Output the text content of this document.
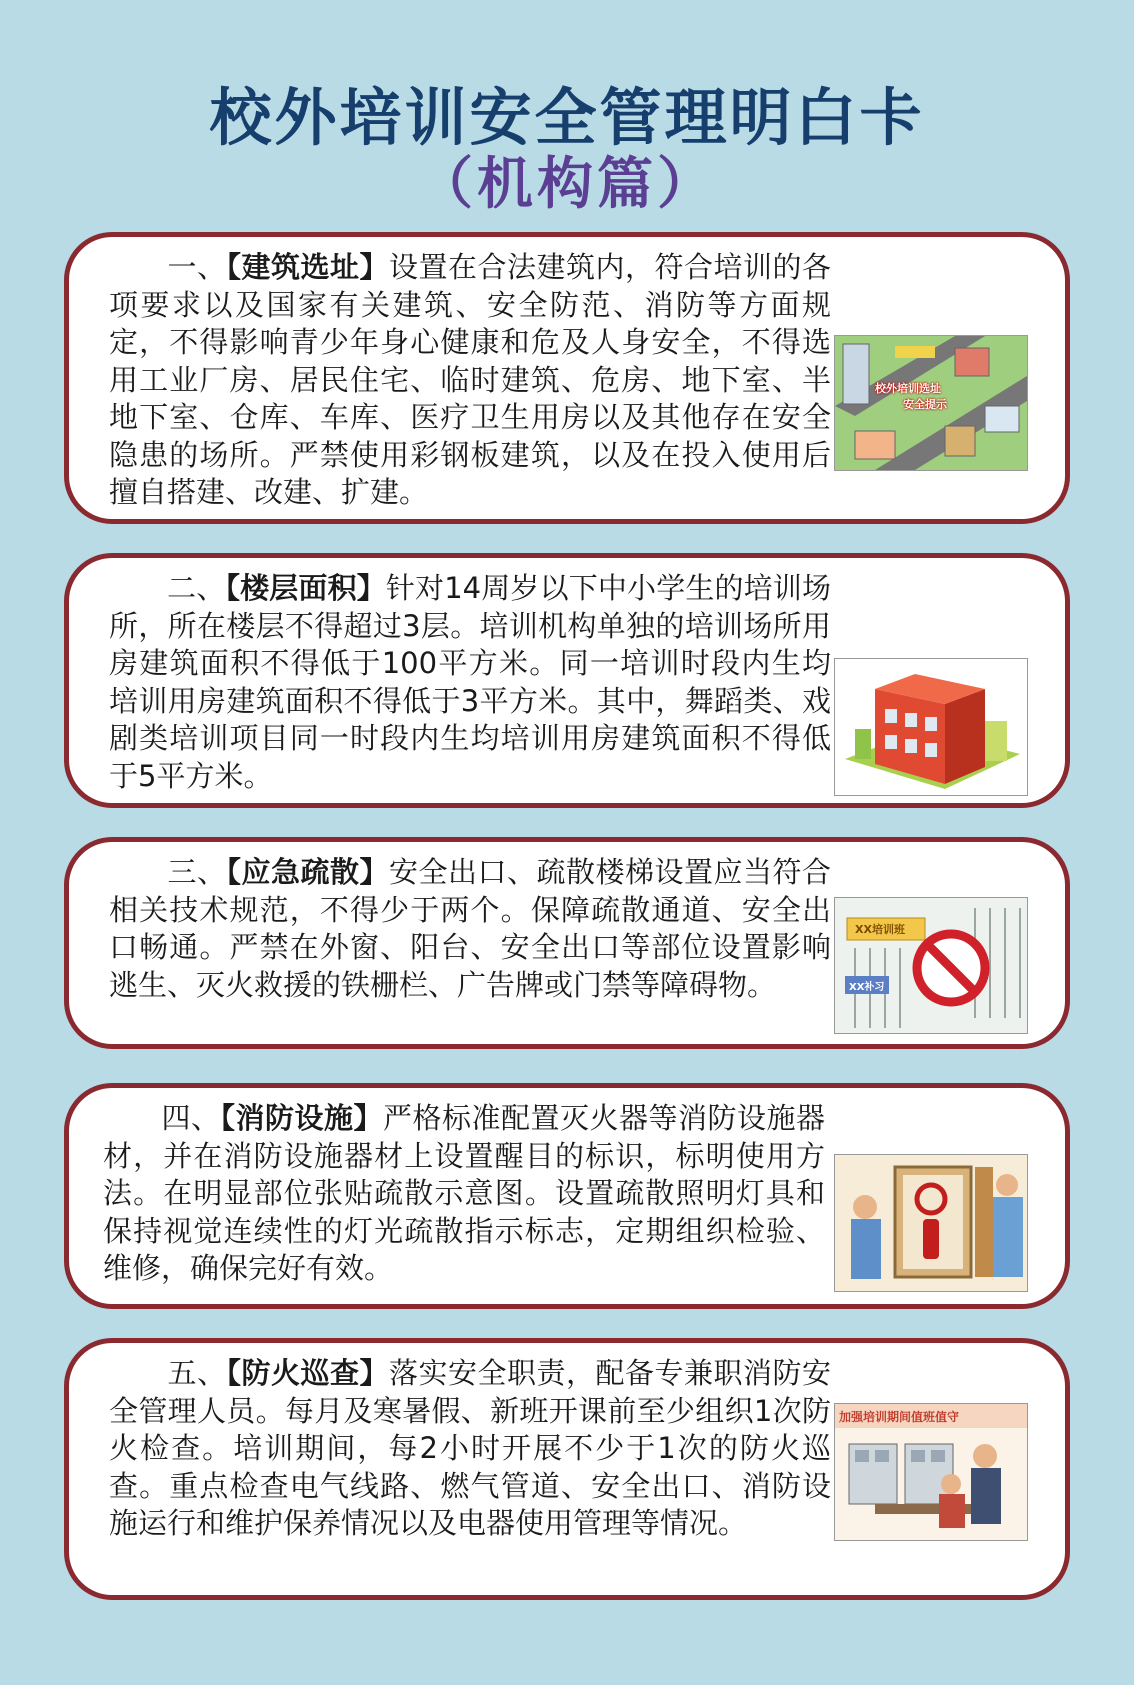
校外培训安全管理明白卡
（机构篇）
  一、【建筑选址】设置在合法建筑内，符合培训的各项要求以及国家有关建筑、安全防范、消防等方面规定，不得影响青少年身心健康和危及人身安全，不得选用工业厂房、居民住宅、临时建筑、危房、地下室、半地下室、仓库、车库、医疗卫生用房以及其他存在安全隐患的场所。严禁使用彩钢板建筑，以及在投入使用后擅自搭建、改建、扩建。
校外培训选址
安全提示
  二、【楼层面积】针对14周岁以下中小学生的培训场所，所在楼层不得超过3层。培训机构单独的培训场所用房建筑面积不得低于100平方米。同一培训时段内生均培训用房建筑面积不得低于3平方米。其中，舞蹈类、戏剧类培训项目同一时段内生均培训用房建筑面积不得低于5平方米。
  三、【应急疏散】安全出口、疏散楼梯设置应当符合相关技术规范，不得少于两个。保障疏散通道、安全出口畅通。严禁在外窗、阳台、安全出口等部位设置影响逃生、灭火救援的铁栅栏、广告牌或门禁等障碍物。
XX培训班
XX补习
  四、【消防设施】严格标准配置灭火器等消防设施器材，并在消防设施器材上设置醒目的标识，标明使用方法。在明显部位张贴疏散示意图。设置疏散照明灯具和保持视觉连续性的灯光疏散指示标志，定期组织检验、维修，确保完好有效。
  五、【防火巡查】落实安全职责，配备专兼职消防安全管理人员。每月及寒暑假、新班开课前至少组织1次防火检查。培训期间，每2小时开展不少于1次的防火巡查。重点检查电气线路、燃气管道、安全出口、消防设施运行和维护保养情况以及电器使用管理等情况。
加强培训期间值班值守
